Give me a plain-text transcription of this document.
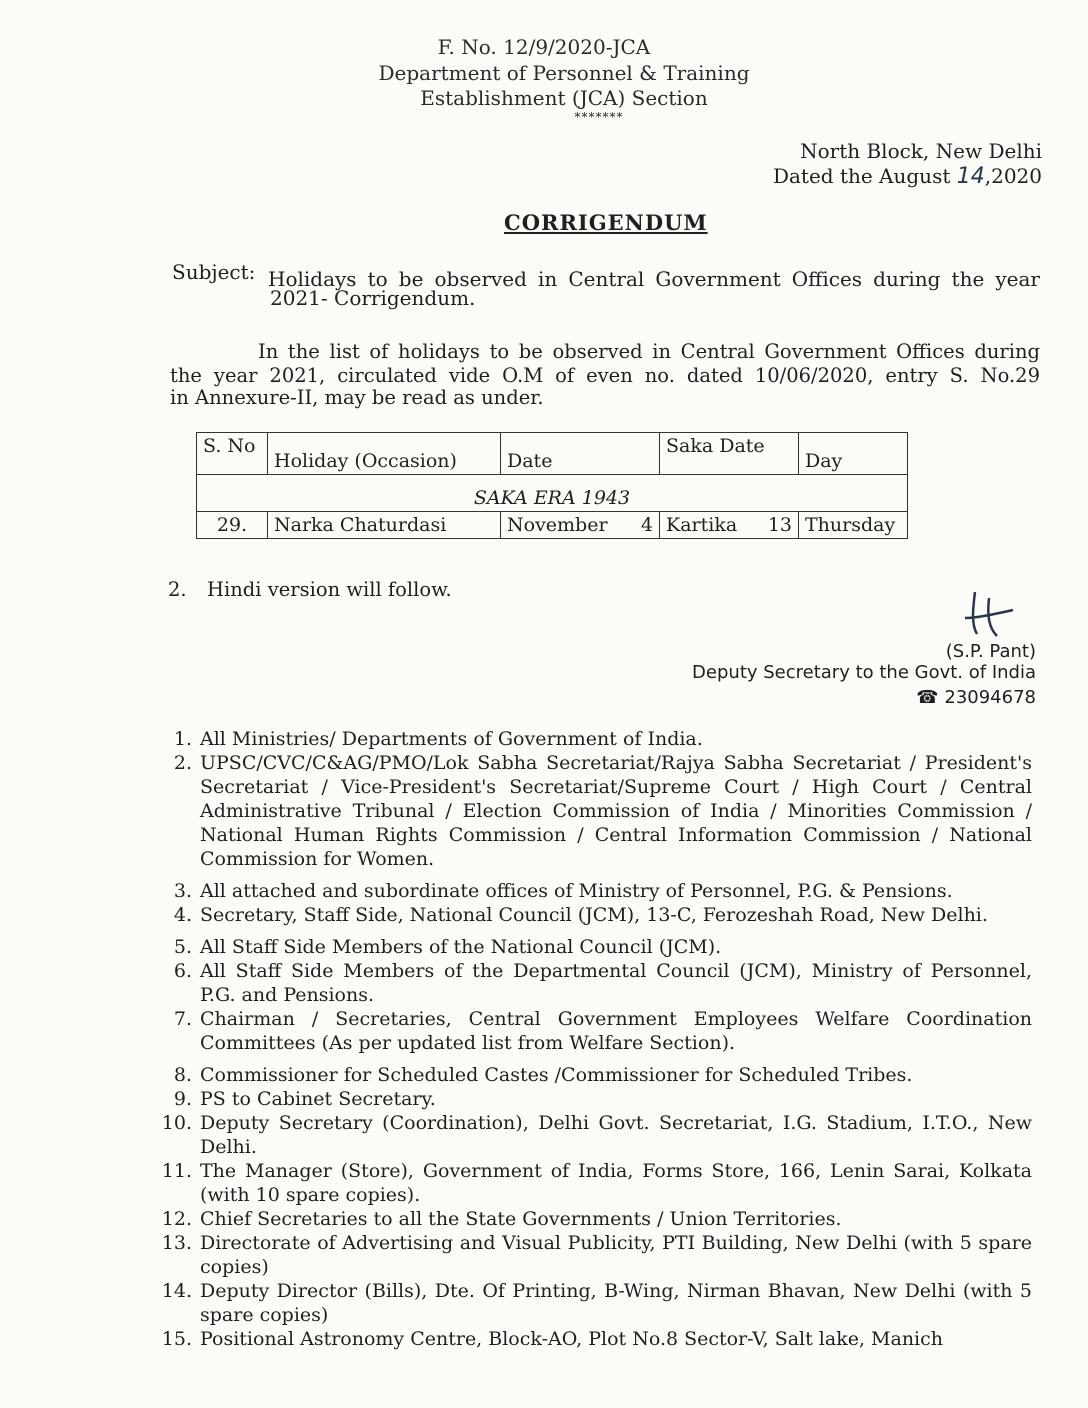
F. No. 12/9/2020-JCA

Department of Personnel & Training

Establishment (JCA) Section

*******

North Block, New Delhi

Dated the August 14,2020

CORRIGENDUM

Subject: Holidays to be observed in Central Government Offices during the year

2021- Corrigendum.

In the list of holidays to be observed in Central Government Offices during

the year 2021, circulated vide O.M of even no. dated 10/06/2020, entry S. No.29

in Annexure-II, may be read as under.

S. No	Holiday (Occasion)	Date	Saka Date	Day
SAKA ERA 1943				
29.	Narka Chaturdasi	November 4	Kartika 13	Thursday

2. Hindi version will follow.	Signature

(S.P. Pant)

Deputy Secretary to the Govt. of India

☎ 23094678

1. All Ministries/ Departments of Government of India.
2. UPSC/CVC/C&AG/PMO/Lok Sabha Secretariat/Rajya Sabha Secretariat / President's Secretariat / Vice-President's Secretariat/Supreme Court / High Court / Central Administrative Tribunal / Election Commission of India / Minorities Commission / National Human Rights Commission / Central Information Commission / National Commission for Women.
3. All attached and subordinate offices of Ministry of Personnel, P.G. & Pensions.
4. Secretary, Staff Side, National Council (JCM), 13-C, Ferozeshah Road, New Delhi.
5. All Staff Side Members of the National Council (JCM).
6. All Staff Side Members of the Departmental Council (JCM), Ministry of Personnel, P.G. and Pensions.
7. Chairman / Secretaries, Central Government Employees Welfare Coordination Committees (As per updated list from Welfare Section).
8. Commissioner for Scheduled Castes /Commissioner for Scheduled Tribes.
9. PS to Cabinet Secretary.
10. Deputy Secretary (Coordination), Delhi Govt. Secretariat, I.G. Stadium, I.T.O., New Delhi.
11. The Manager (Store), Government of India, Forms Store, 166, Lenin Sarai, Kolkata (with 10 spare copies).
12. Chief Secretaries to all the State Governments / Union Territories.
13. Directorate of Advertising and Visual Publicity, PTI Building, New Delhi (with 5 spare copies)
14. Deputy Director (Bills), Dte. Of Printing, B-Wing, Nirman Bhavan, New Delhi (with 5 spare copies)
15. Positional Astronomy Centre, Block-AO, Plot No.8 Sector-V, Salt lake, Manich
